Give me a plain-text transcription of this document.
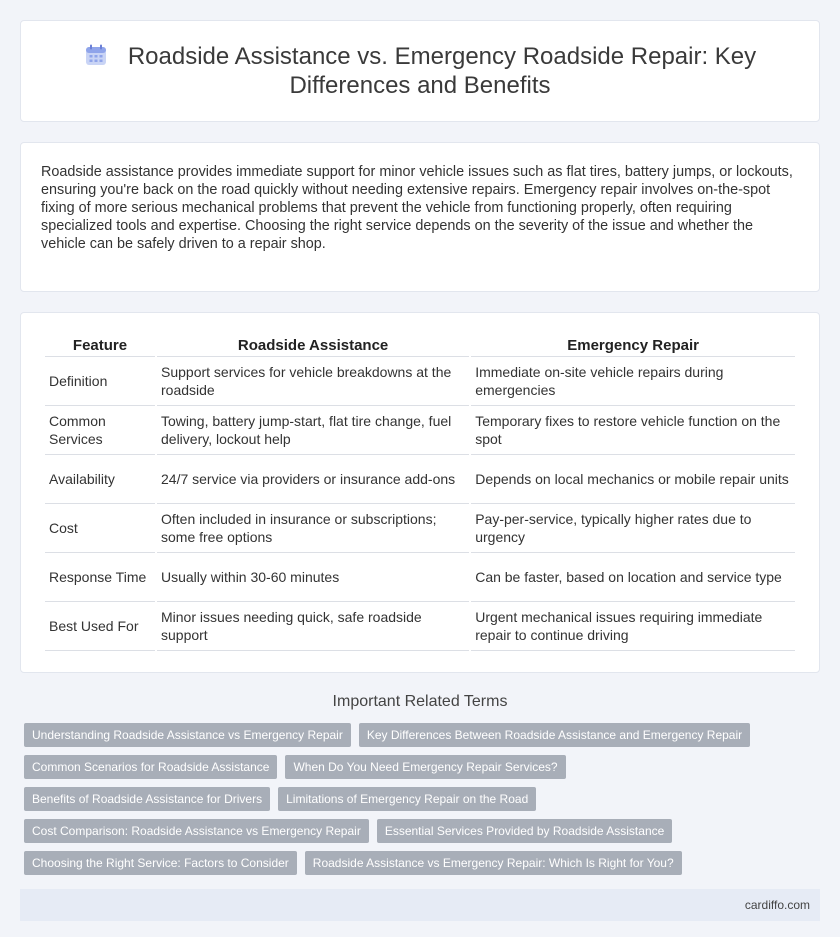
Roadside Assistance vs. Emergency Roadside Repair: Key Differences and Benefits

Roadside assistance provides immediate support for minor vehicle issues such as flat tires, battery jumps, or lockouts, ensuring you're back on the road quickly without needing extensive repairs. Emergency repair involves on-the-spot fixing of more serious mechanical problems that prevent the vehicle from functioning properly, often requiring specialized tools and expertise. Choosing the right service depends on the severity of the issue and whether the vehicle can be safely driven to a repair shop.

Feature	Roadside Assistance	Emergency Repair
Definition	Support services for vehicle breakdowns at the roadside	Immediate on-site vehicle repairs during emergencies
Common Services	Towing, battery jump-start, flat tire change, fuel delivery, lockout help	Temporary fixes to restore vehicle function on the spot
Availability	24/7 service via providers or insurance add-ons	Depends on local mechanics or mobile repair units
Cost	Often included in insurance or subscriptions; some free options	Pay-per-service, typically higher rates due to urgency
Response Time	Usually within 30-60 minutes	Can be faster, based on location and service type
Best Used For	Minor issues needing quick, safe roadside support	Urgent mechanical issues requiring immediate repair to continue driving
Important Related Terms
Understanding Roadside Assistance vs Emergency Repair	Key Differences Between Roadside Assistance and Emergency Repair
Common Scenarios for Roadside Assistance	When Do You Need Emergency Repair Services?
Benefits of Roadside Assistance for Drivers	Limitations of Emergency Repair on the Road
Cost Comparison: Roadside Assistance vs Emergency Repair	Essential Services Provided by Roadside Assistance
Choosing the Right Service: Factors to Consider	Roadside Assistance vs Emergency Repair: Which Is Right for You?
cardiffo.com
